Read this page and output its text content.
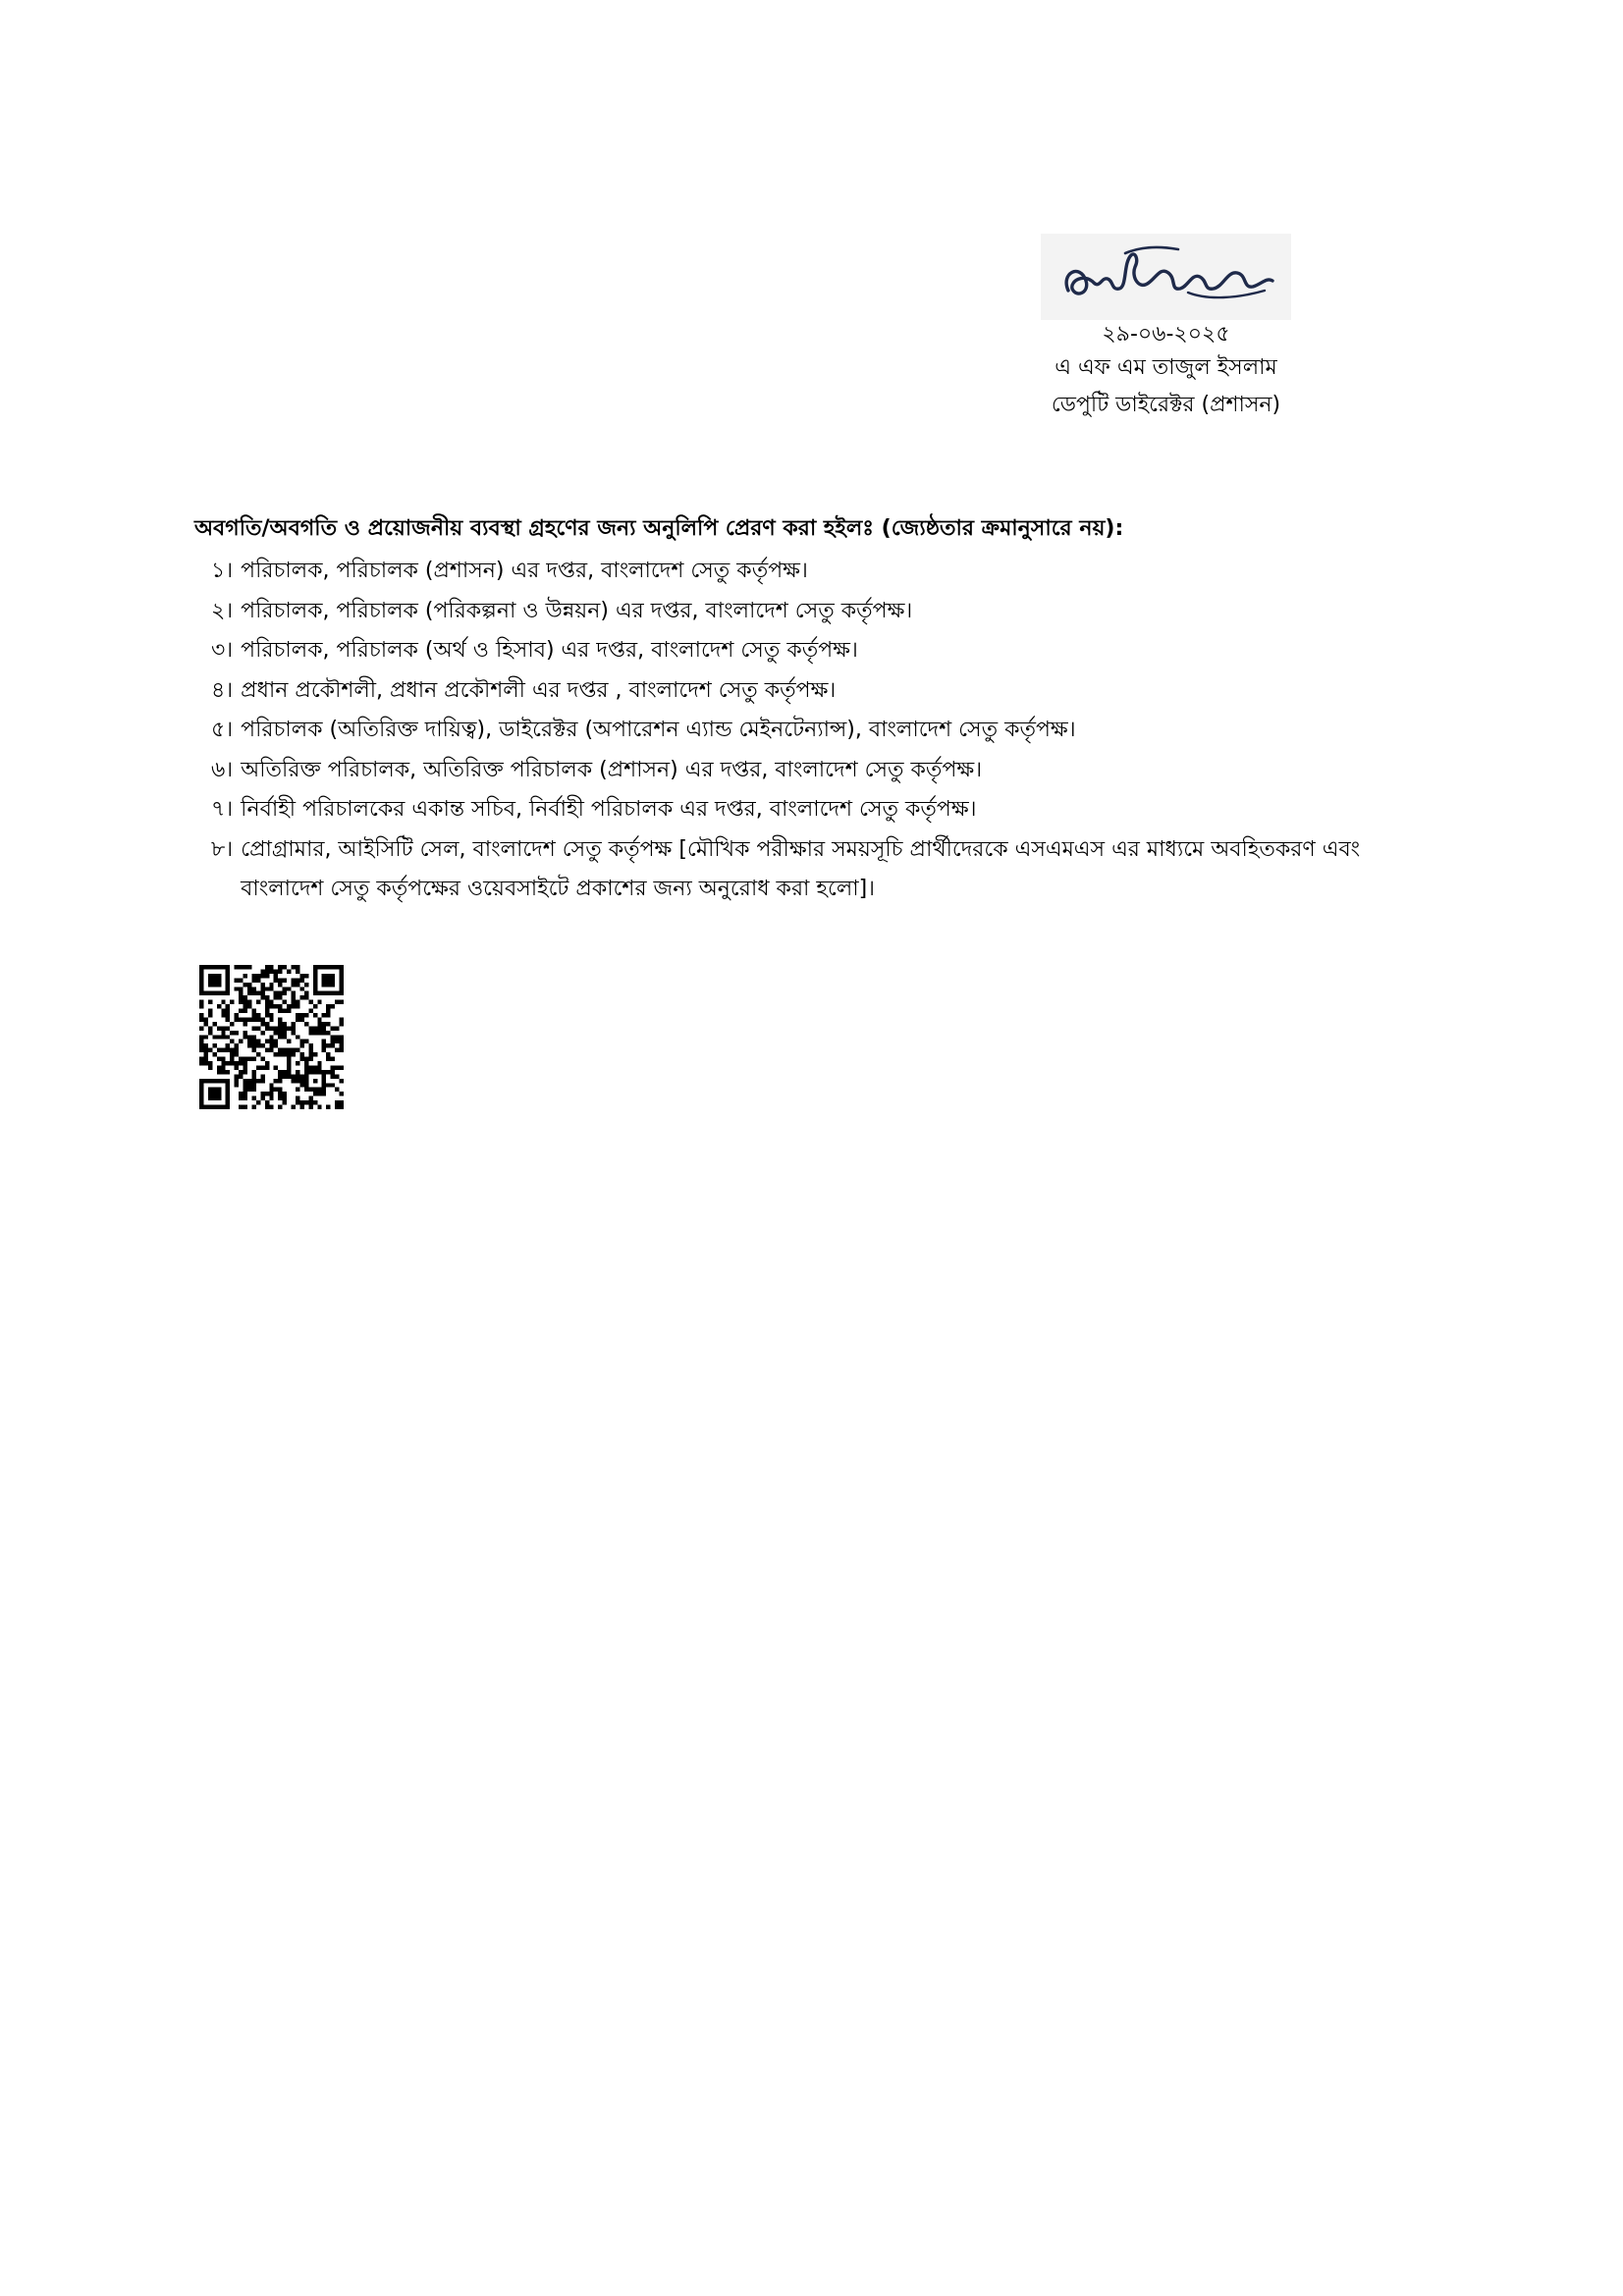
২৯-০৬-২০২৫
এ এফ এম তাজুল ইসলাম
ডেপুটি ডাইরেক্টর (প্রশাসন)
অবগতি/অবগতি ও প্রয়োজনীয় ব্যবস্থা গ্রহণের জন্য অনুলিপি প্রেরণ করা হইলঃ (জ্যেষ্ঠতার ক্রমানুসারে নয়):
১। পরিচালক, পরিচালক (প্রশাসন) এর দপ্তর, বাংলাদেশ সেতু কর্তৃপক্ষ।
২। পরিচালক, পরিচালক (পরিকল্পনা ও উন্নয়ন) এর দপ্তর, বাংলাদেশ সেতু কর্তৃপক্ষ।
৩। পরিচালক, পরিচালক (অর্থ ও হিসাব) এর দপ্তর, বাংলাদেশ সেতু কর্তৃপক্ষ।
৪। প্রধান প্রকৌশলী, প্রধান প্রকৌশলী এর দপ্তর , বাংলাদেশ সেতু কর্তৃপক্ষ।
৫। পরিচালক (অতিরিক্ত দায়িত্ব), ডাইরেক্টর (অপারেশন এ্যান্ড মেইনটেন্যান্স), বাংলাদেশ সেতু কর্তৃপক্ষ।
৬। অতিরিক্ত পরিচালক, অতিরিক্ত পরিচালক (প্রশাসন) এর দপ্তর, বাংলাদেশ সেতু কর্তৃপক্ষ।
৭। নির্বাহী পরিচালকের একান্ত সচিব, নির্বাহী পরিচালক এর দপ্তর, বাংলাদেশ সেতু কর্তৃপক্ষ।
৮। প্রোগ্রামার, আইসিটি সেল, বাংলাদেশ সেতু কর্তৃপক্ষ [মৌখিক পরীক্ষার সময়সূচি প্রার্থীদেরকে এসএমএস এর মাধ্যমে অবহিতকরণ এবং বাংলাদেশ সেতু কর্তৃপক্ষের ওয়েবসাইটে প্রকাশের জন্য অনুরোধ করা হলো]।
